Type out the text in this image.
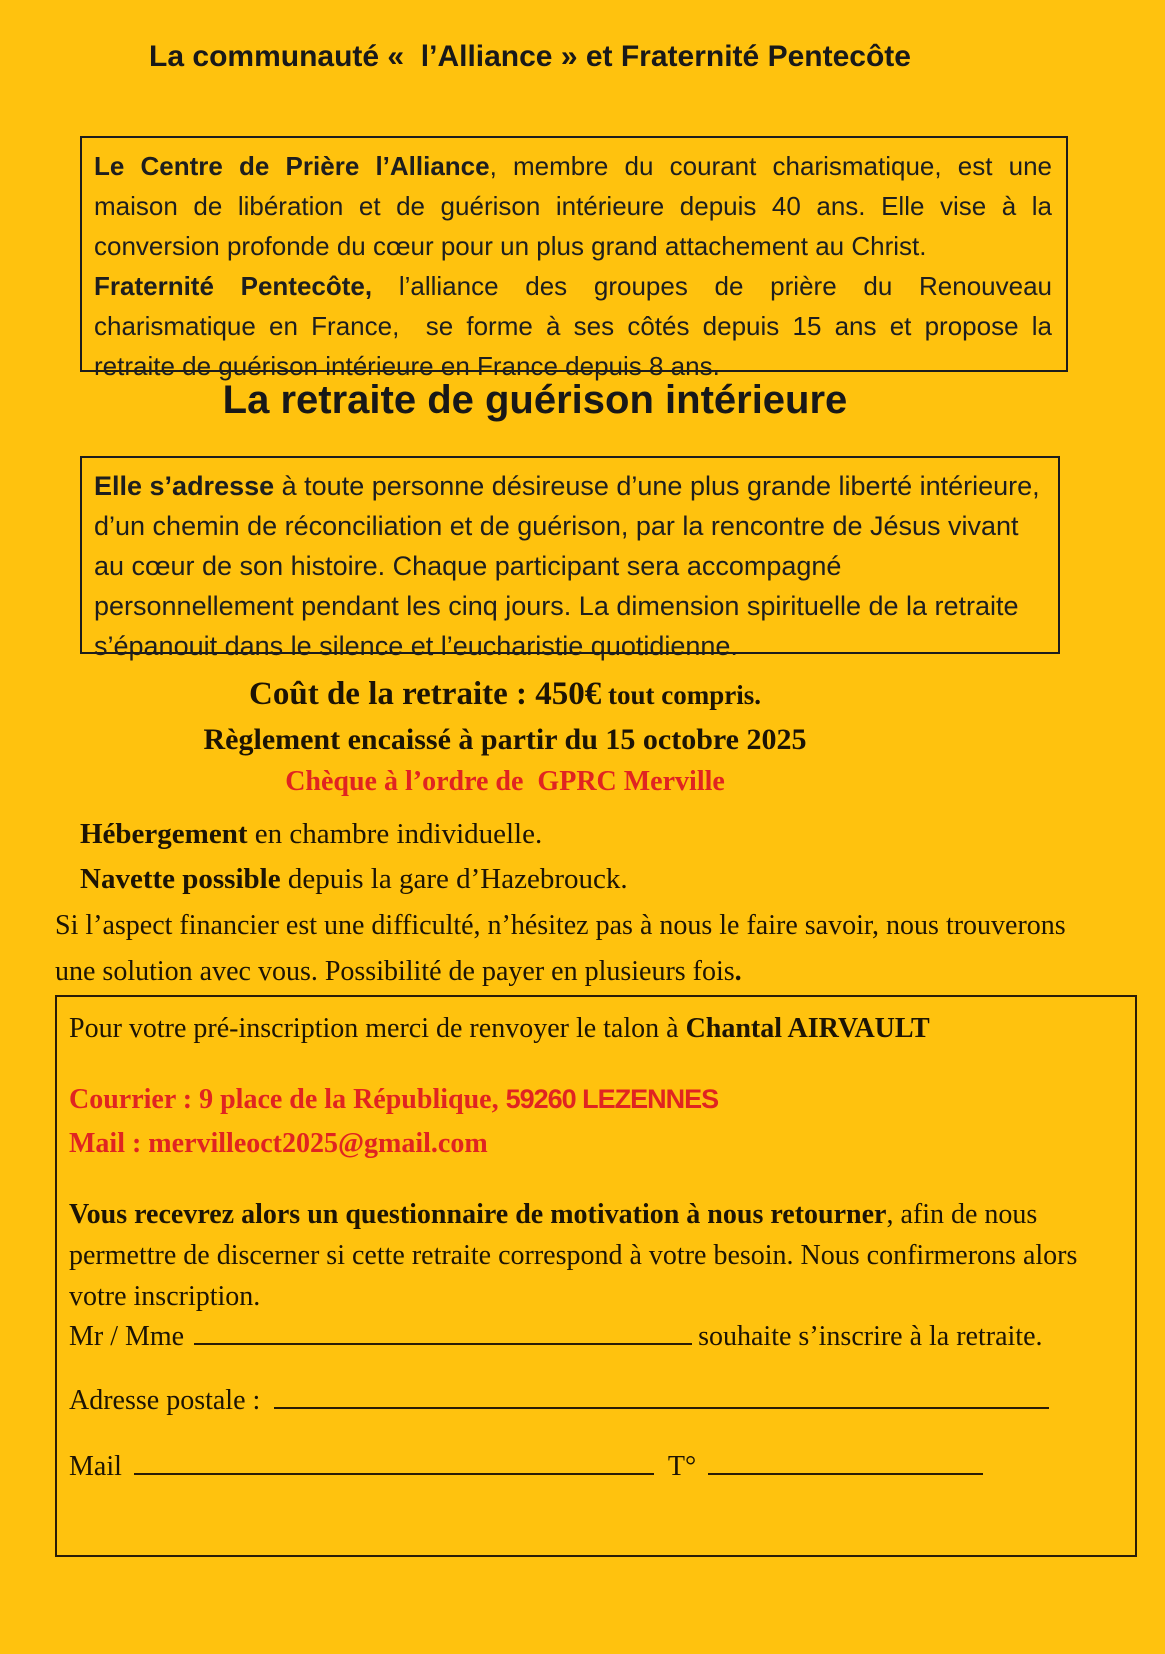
La communauté «  l’Alliance » et Fraternité Pentecôte

Le Centre de Prière l’Alliance, membre du courant charismatique, est une maison de libération et de guérison intérieure depuis 40 ans. Elle vise à la conversion profonde du cœur pour un plus grand attachement au Christ.

Fraternité Pentecôte, l’alliance des groupes de prière du Renouveau charismatique en France,  se forme à ses côtés depuis 15 ans et propose la retraite de guérison intérieure en France depuis 8 ans.

La retraite de guérison intérieure

Elle s’adresse à toute personne désireuse d’une plus grande liberté intérieure, d’un chemin de réconciliation et de guérison, par la rencontre de Jésus vivant au cœur de son histoire. Chaque participant sera accompagné personnellement pendant les cinq jours. La dimension spirituelle de la retraite s’épanouit dans le silence et l’eucharistie quotidienne.

Coût de la retraite : 450€ tout compris.

Règlement encaissé à partir du 15 octobre 2025

Chèque à l’ordre de  GPRC Merville

Hébergement en chambre individuelle.

Navette possible depuis la gare d’Hazebrouck.

Si l’aspect financier est une difficulté, n’hésitez pas à nous le faire savoir, nous trouverons une solution avec vous. Possibilité de payer en plusieurs fois.

Pour votre pré-inscription merci de renvoyer le talon à Chantal AIRVAULT

Courrier : 9 place de la République, 59260 LEZENNES

Mail : mervilleoct2025@gmail.com

Vous recevrez alors un questionnaire de motivation à nous retourner, afin de nous permettre de discerner si cette retraite correspond à votre besoin. Nous confirmerons alors votre inscription.

Mr / Mme	souhaite s’inscrire à la retraite.

Adresse postale :

Mail	T°
